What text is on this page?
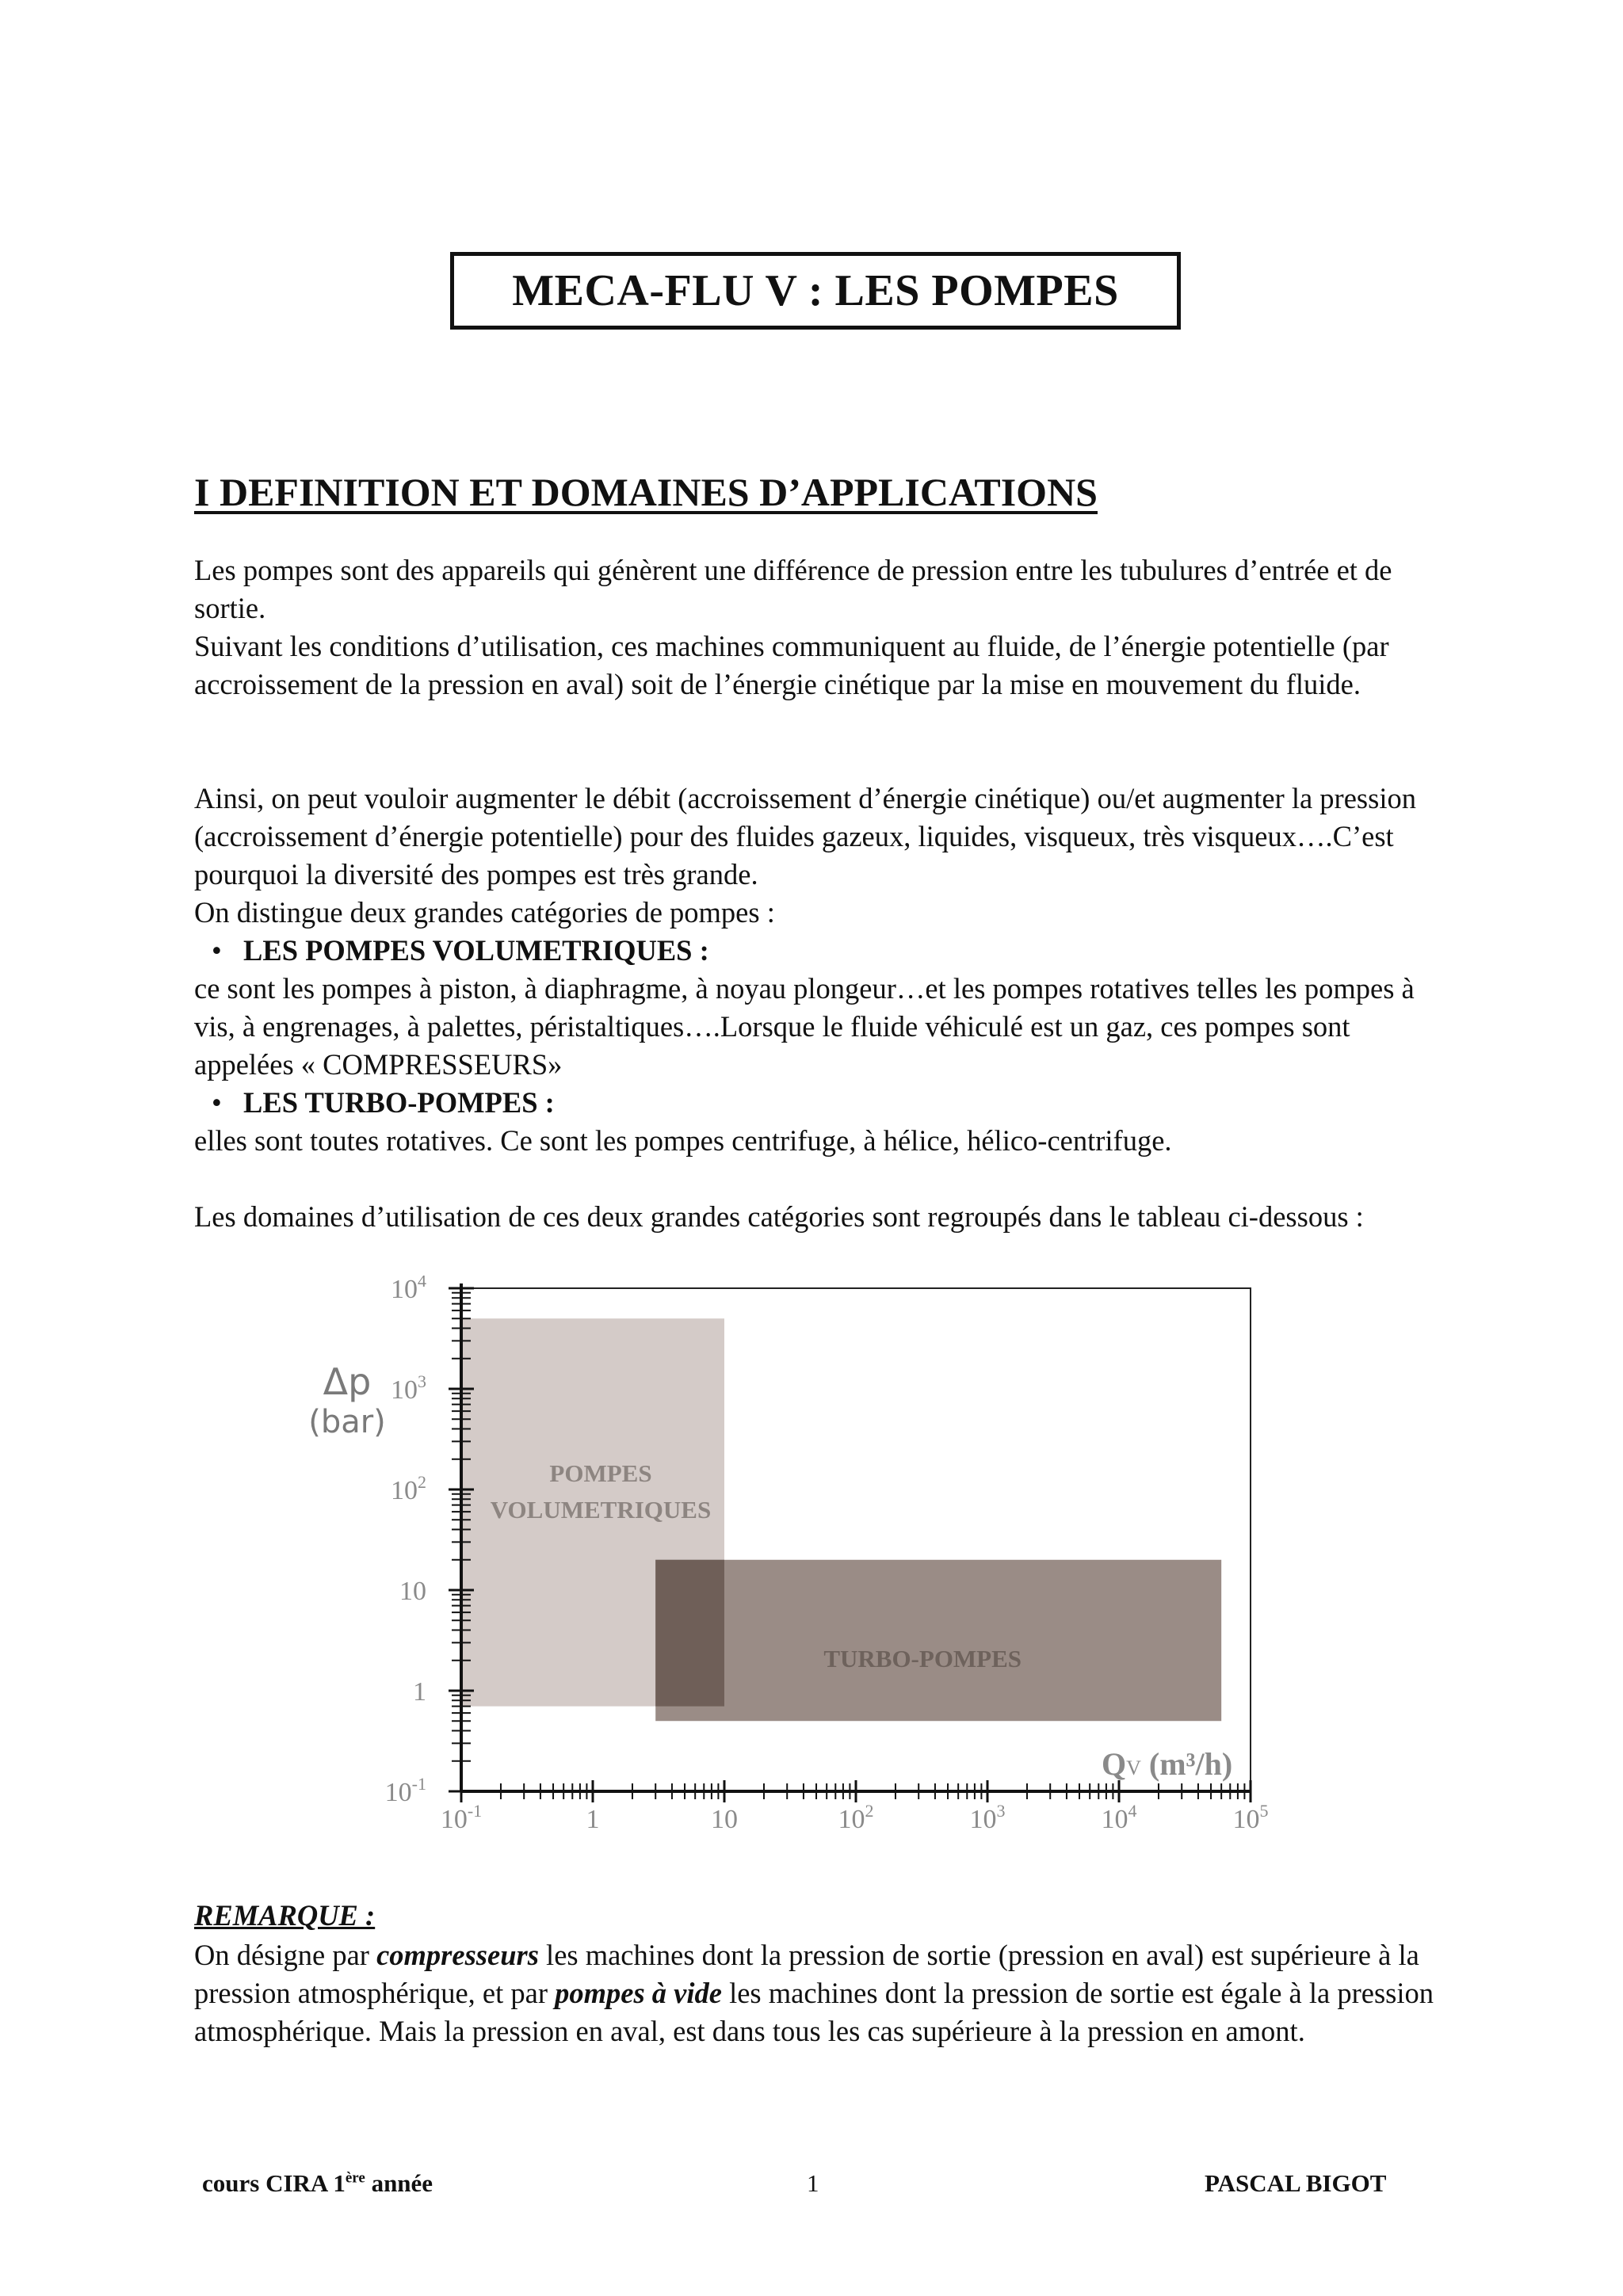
MECA-FLU V : LES POMPES
I DEFINITION ET DOMAINES D’APPLICATIONS

Les pompes sont des appareils qui génèrent une différence de pression entre les tubulures d’entrée et de sortie.

Suivant les conditions d’utilisation, ces machines communiquent au fluide, de l’énergie potentielle (par accroissement de la pression en aval) soit de l’énergie cinétique par la mise en mouvement du fluide.

Ainsi, on peut vouloir augmenter le débit (accroissement d’énergie cinétique) ou/et augmenter la pression (accroissement d’énergie potentielle) pour des fluides gazeux, liquides, visqueux, très visqueux….C’est pourquoi la diversité des pompes est très grande.

On distingue deux grandes catégories de pompes :

• LES POMPES VOLUMETRIQUES :

ce sont les pompes à piston, à diaphragme, à noyau plongeur…et les pompes rotatives telles les pompes à vis, à engrenages, à palettes, péristaltiques….Lorsque le fluide véhiculé est un gaz, ces pompes sont appelées « COMPRESSEURS»

• LES TURBO-POMPES :

elles sont toutes rotatives. Ce sont les pompes centrifuge, à hélice, hélico-centrifuge.

Les domaines d’utilisation de ces deux grandes catégories sont regroupés dans le tableau ci-dessous :

POMPES
VOLUMETRIQUES
TURBO-POMPES
$10^{-1}$	1	10	$10^2$	$10^3$	$10^4$	$10^5$
$10^{-1}$
1
10
$10^2$
$10^3$
$10^4$
Δp
(bar)
QV (m³/h)
REMARQUE :

On désigne par compresseurs les machines dont la pression de sortie (pression en aval) est supérieure à la pression atmosphérique, et par pompes à vide les machines dont la pression de sortie est égale à la pression atmosphérique. Mais la pression en aval, est dans tous les cas supérieure à la pression en amont.

cours CIRA 1ère année	1	PASCAL BIGOT
